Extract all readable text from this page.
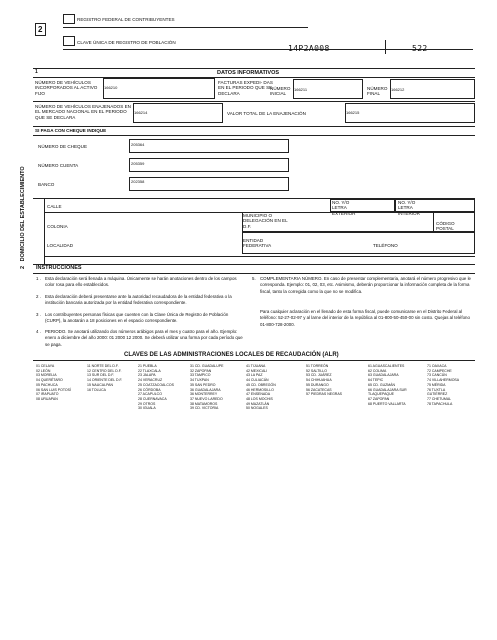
REGISTRO FEDERAL DE CONTRIBUYENTES
2
CLAVE ÚNICA DE REGISTRO DE POBLACIÓN
14P2A008	522
1	DATOS INFORMATIVOS
NÚMERO DE VEHÍCULOS INCORPORADOS AL ACTIVO FIJO
166210
FACTURAS EXPEDI- DAS EN EL PERIODO QUE SE DECLARA
NÚMERO INICIAL
166211	NÚMERO FINAL
166212
NÚMERO DE VEHÍCULOS ENAJENADOS EN EL MERCADO NACIONAL EN EL PERIODO QUE SE DECLARA
166214	VALOR TOTAL DE LA ENAJENACIÓN	166215
SI PAGA CON CHEQUE INDIQUE
NÚMERO DE CHEQUE	205364
NÚMERO CUENTA	205359
BANCO
202358
2 DOMICILIO DEL ESTABLECIMIENTO	CALLE
NO. Y/O LETRA EXTERIOR
NO. Y/O LETRA INTERIOR
COLONIA
MUNICIPIO O DELEGACIÓN EN EL D.F.
CÓDIGO POSTAL
LOCALIDAD
ENTIDAD FEDERATIVA	TELÉFONO
INSTRUCCIONES
1 . Esta declaración será llenada a máquina. Únicamente se harán anotaciones dentro de los campos color rosa para ello establecidos.
2 . Esta declaración deberá presentarse ante la autoridad recaudadora de la entidad federativa o la institución bancaria autorizada por la entidad federativa correspondiente.
3 . Los contribuyentes personas físicas que cuenten con la Clave Única de Registro de Población (CURP), la anotarán a 18 posiciones en el espacio correspondiente.
4 . PERIODO. Se anotará utilizando dos números arábigos para el mes y cuatro para el año. Ejemplo: enero a diciembre del año 2000: 01 2000 12 2000. Se deberá utilizar una forma por cada período que se paga.
5. COMPLEMENTARIA NÚMERO. En caso de presentar complementaria, anotará el número progresivo que le corresponda. Ejemplo: 01, 02, 03, etc. Asimismo, deberán proporcionar la información completa de la forma fiscal, tanto la corregida como la que no se modifica.
Para cualquier aclaración en el llenado de esta forma fiscal, puede comunicarse en el Distrito Federal al teléfono: 52-27-02-97 y al larne del interior de la república al 01-800-50-450-00 sin costo. Quejas al teléfono 01-800-728-2000.
CLAVES DE LAS ADMINISTRACIONES LOCALES DE RECAUDACIÓN (ALR)
01 CELAYA
02 LEÓN
03 MORELIA
04 QUERÉTARO
05 PACHUCA
06 SAN LUIS POTOSÍ
07 IRAPUATO
08 URUAPAN
11 NORTE DEL D.F.
12 CENTRO DEL D.F.
13 SUR DEL D.F.
14 ORIENTE DEL D.F.
15 NAUCALPAN
16 TOLUCA
21 PUEBLA
22 TLAXCALA
23 JALAPA
24 VERACRUZ
25 COATZACOALCOS
26 CÓRDOBA
27 ACAPULCO
28 CUERNAVACA
29 OTROS
30 IGUALA
31 CD. GUADALUPE
32 ZAPOPAN
33 TAMPICO
34 TUXPAN
35 SAN PEDRO
36 GUADALAJARA
36 MONTERREY
37 NUEVO LAREDO
38 MATAMOROS
39 CD. VICTORIA
41 TIJUANA
42 MEXICALI
43 LA PAZ
44 CULIACÁN
45 CD. OBREGÓN
46 HERMOSILLO
47 ENSENADA
48 LOS MOCHIS
49 MAZATLÁN
50 NOGALES
51 TORREÓN
52 SALTILLO
53 CD. JUÁREZ
54 CHIHUAHUA
55 DURANGO
56 ZACATECAS
57 PIEDRAS NEGRAS
61 AGUASCALIENTES
62 COLIMA
63 GUADALAJARA
64 TEPIC
65 CD. GUZMÁN
66 GUADALAJARA SUR
TLAQUEPAQUE
67 ZAPOPAN
68 PUERTO VALLARTA
71 OAXACA
72 CAMPECHE
73 CANCÚN
74 VILLAHERMOSA
75 MÉRIDA
76 TUXTLA
GUTIÉRREZ
77 CHETUMAL
78 TAPACHULA
